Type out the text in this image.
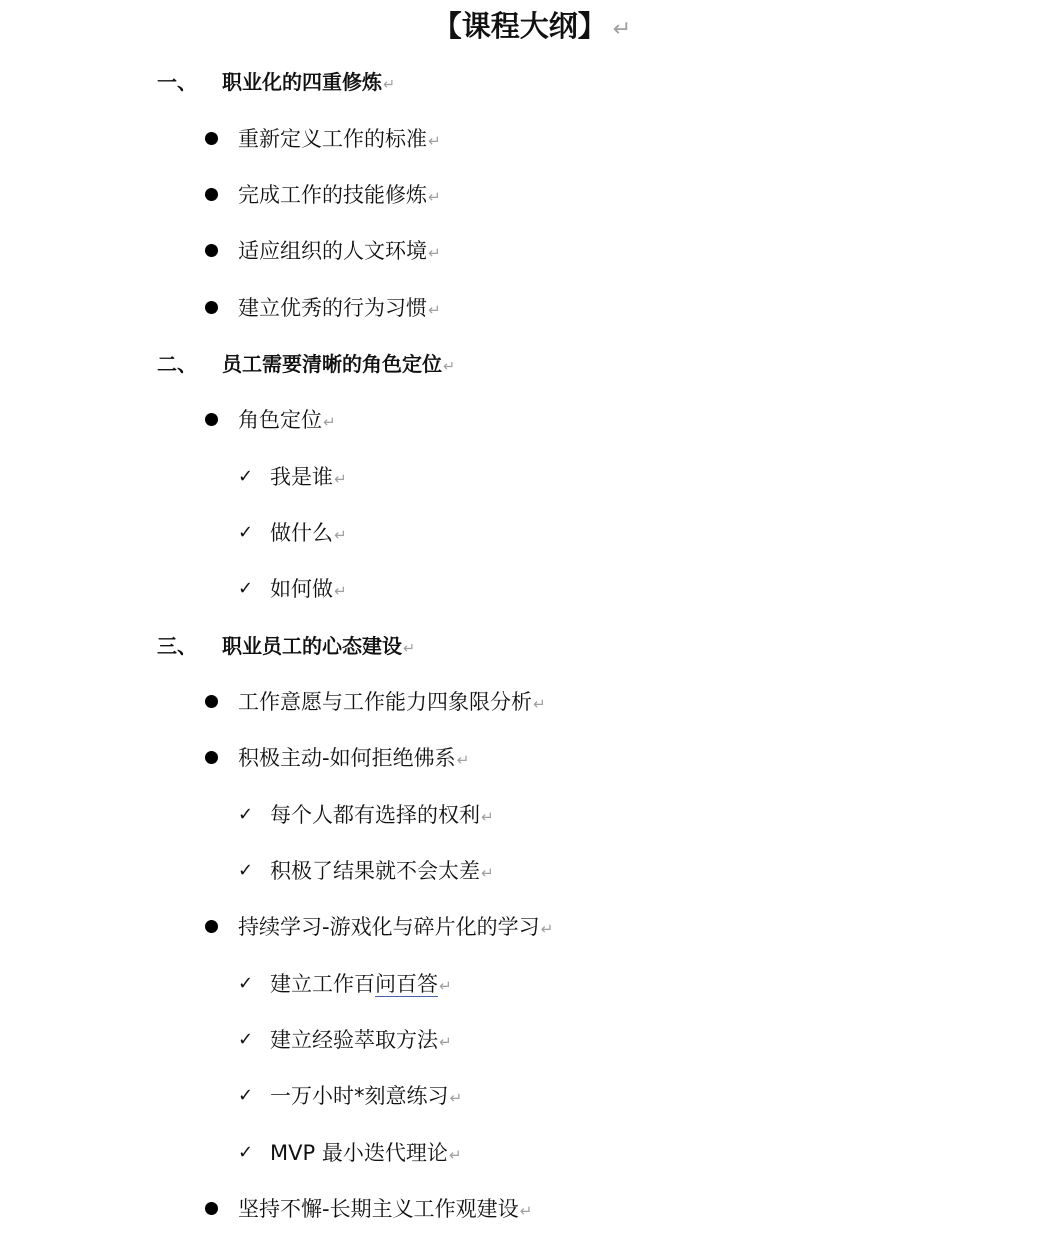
【课程大纲】 ↵
一、 职业化的四重修炼↵
重新定义工作的标准↵
完成工作的技能修炼↵
适应组织的人文环境↵
建立优秀的行为习惯↵
二、 员工需要清晰的角色定位↵
角色定位↵
✓ 我是谁↵
✓ 做什么↵
✓ 如何做↵
三、 职业员工的心态建设↵
工作意愿与工作能力四象限分析↵
积极主动-如何拒绝佛系↵
✓ 每个人都有选择的权利↵
✓ 积极了结果就不会太差↵
持续学习-游戏化与碎片化的学习↵
✓ 建立工作百问百答↵
✓ 建立经验萃取方法↵
✓ 一万小时*刻意练习↵
✓ MVP 最小迭代理论↵
坚持不懈-长期主义工作观建设↵
